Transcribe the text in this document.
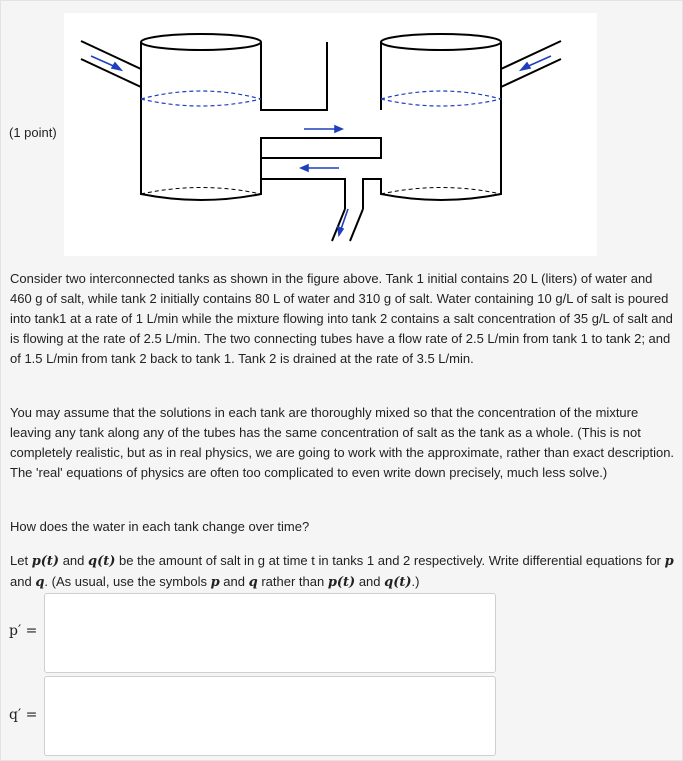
(1 point)
Consider two interconnected tanks as shown in the figure above. Tank 1 initial contains 20 L (liters) of water and 460 g of salt, while tank 2 initially contains 80 L of water and 310 g of salt. Water containing 10 g/L of salt is poured into tank1 at a rate of 1 L/min while the mixture flowing into tank 2 contains a salt concentration of 35 g/L of salt and is flowing at the rate of 2.5 L/min. The two connecting tubes have a flow rate of 2.5 L/min from tank 1 to tank 2; and of 1.5 L/min from tank 2 back to tank 1. Tank 2 is drained at the rate of 3.5 L/min.
You may assume that the solutions in each tank are thoroughly mixed so that the concentration of the mixture leaving any tank along any of the tubes has the same concentration of salt as the tank as a whole. (This is not completely realistic, but as in real physics, we are going to work with the approximate, rather than exact description. The 'real' equations of physics are often too complicated to even write down precisely, much less solve.)
How does the water in each tank change over time?
Let p(t) and q(t) be the amount of salt in g at time t in tanks 1 and 2 respectively. Write differential equations for p and q. (As usual, use the symbols p and q rather than p(t) and q(t).)
p′ =
q′ =
